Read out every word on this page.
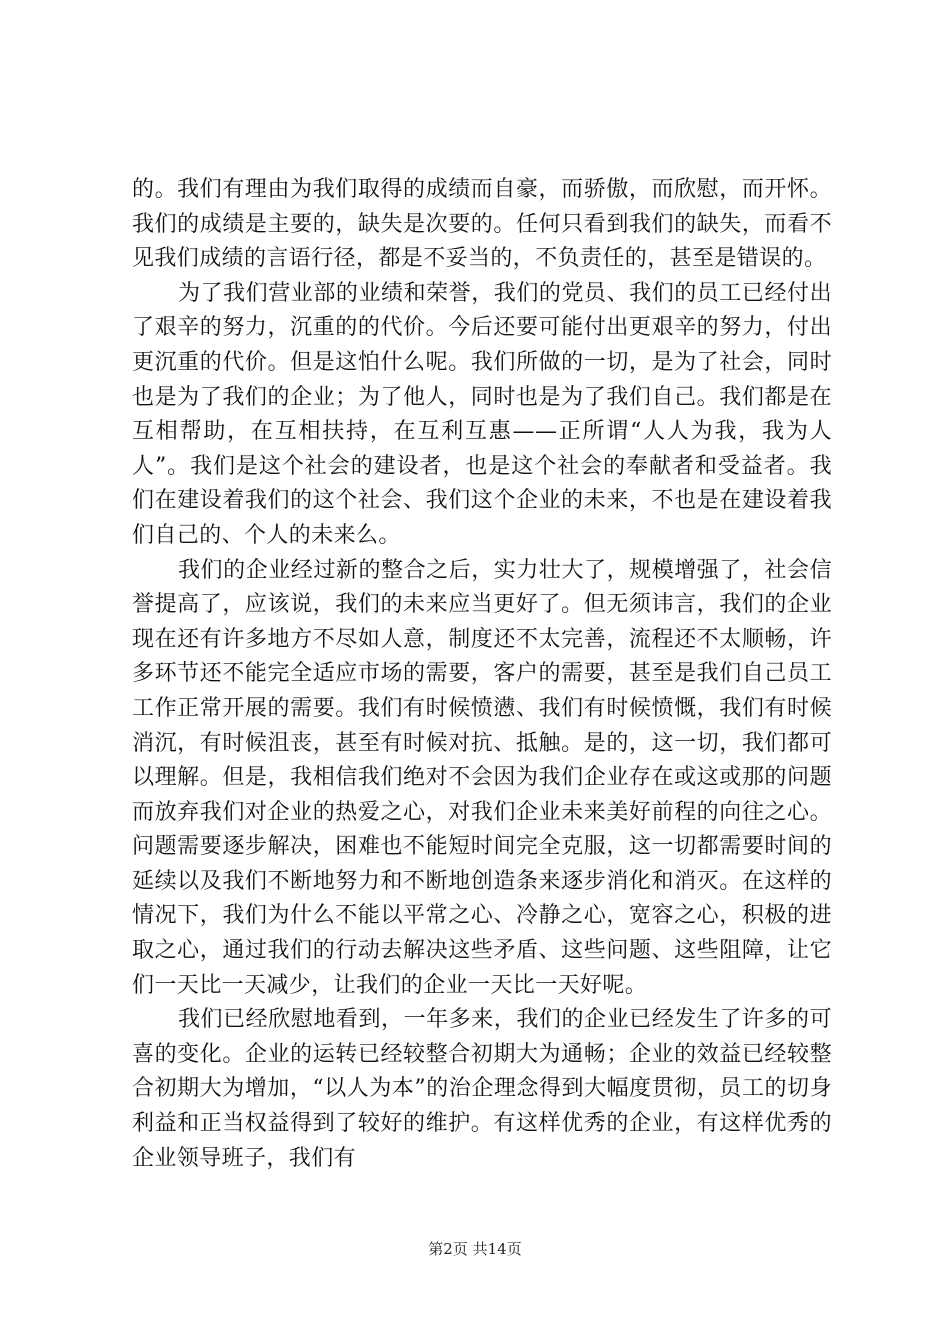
的。我们有理由为我们取得的成绩而自豪，而骄傲，而欣慰，而开怀。我们的成绩是主要的，缺失是次要的。任何只看到我们的缺失，而看不见我们成绩的言语行径，都是不妥当的，不负责任的，甚至是错误的。

为了我们营业部的业绩和荣誉，我们的党员、我们的员工已经付出了艰辛的努力，沉重的的代价。今后还要可能付出更艰辛的努力，付出更沉重的代价。但是这怕什么呢。我们所做的一切，是为了社会，同时也是为了我们的企业；为了他人，同时也是为了我们自己。我们都是在互相帮助，在互相扶持，在互利互惠——正所谓“人人为我，我为人人”。我们是这个社会的建设者，也是这个社会的奉献者和受益者。我们在建设着我们的这个社会、我们这个企业的未来，不也是在建设着我们自己的、个人的未来么。

我们的企业经过新的整合之后，实力壮大了，规模增强了，社会信誉提高了，应该说，我们的未来应当更好了。但无须讳言，我们的企业现在还有许多地方不尽如人意，制度还不太完善，流程还不太顺畅，许多环节还不能完全适应市场的需要，客户的需要，甚至是我们自己员工工作正常开展的需要。我们有时候愤懑、我们有时候愤慨，我们有时候消沉，有时候沮丧，甚至有时候对抗、抵触。是的，这一切，我们都可以理解。但是，我相信我们绝对不会因为我们企业存在或这或那的问题而放弃我们对企业的热爱之心，对我们企业未来美好前程的向往之心。问题需要逐步解决，困难也不能短时间完全克服，这一切都需要时间的延续以及我们不断地努力和不断地创造条来逐步消化和消灭。在这样的情况下，我们为什么不能以平常之心、冷静之心，宽容之心，积极的进取之心，通过我们的行动去解决这些矛盾、这些问题、这些阻障，让它们一天比一天减少，让我们的企业一天比一天好呢。

我们已经欣慰地看到，一年多来，我们的企业已经发生了许多的可喜的变化。企业的运转已经较整合初期大为通畅；企业的效益已经较整合初期大为增加，“以人为本”的治企理念得到大幅度贯彻，员工的切身利益和正当权益得到了较好的维护。有这样优秀的企业，有这样优秀的企业领导班子，我们有

第2页 共14页
